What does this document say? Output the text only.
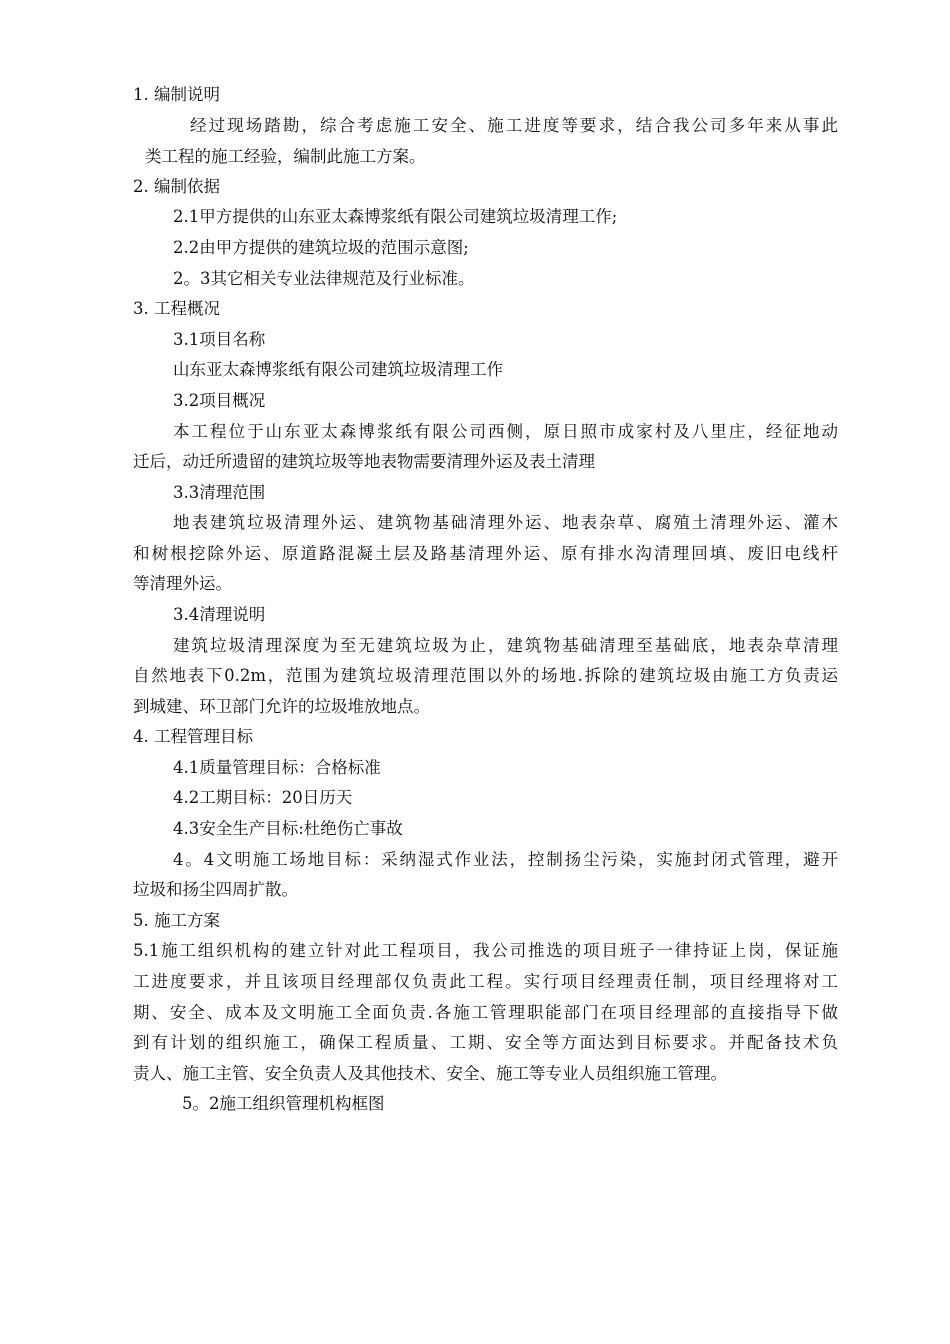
1. 编制说明
经过现场踏勘，综合考虑施工安全、施工进度等要求，结合我公司多年来从事此
类工程的施工经验，编制此施工方案。
2. 编制依据
2.1甲方提供的山东亚太森博浆纸有限公司建筑垃圾清理工作;
2.2由甲方提供的建筑垃圾的范围示意图;
2。3其它相关专业法律规范及行业标准。
3. 工程概况
3.1项目名称
山东亚太森博浆纸有限公司建筑垃圾清理工作
3.2项目概况
本工程位于山东亚太森博浆纸有限公司西侧，原日照市成家村及八里庄，经征地动
迁后，动迁所遗留的建筑垃圾等地表物需要清理外运及表土清理
3.3清理范围
地表建筑垃圾清理外运、建筑物基础清理外运、地表杂草、腐殖土清理外运、灌木
和树根挖除外运、原道路混凝土层及路基清理外运、原有排水沟清理回填、废旧电线杆
等清理外运。
3.4清理说明
建筑垃圾清理深度为至无建筑垃圾为止，建筑物基础清理至基础底，地表杂草清理
自然地表下0.2m，范围为建筑垃圾清理范围以外的场地.拆除的建筑垃圾由施工方负责运
到城建、环卫部门允许的垃圾堆放地点。
4. 工程管理目标
4.1质量管理目标：合格标准
4.2工期目标：20日历天
4.3安全生产目标:杜绝伤亡事故
4。4文明施工场地目标：采纳湿式作业法，控制扬尘污染，实施封闭式管理，避开
垃圾和扬尘四周扩散。
5. 施工方案
5.1施工组织机构的建立针对此工程项目，我公司推选的项目班子一律持证上岗，保证施
工进度要求，并且该项目经理部仅负责此工程。实行项目经理责任制，项目经理将对工
期、安全、成本及文明施工全面负责.各施工管理职能部门在项目经理部的直接指导下做
到有计划的组织施工，确保工程质量、工期、安全等方面达到目标要求。并配备技术负
责人、施工主管、安全负责人及其他技术、安全、施工等专业人员组织施工管理。
5。2施工组织管理机构框图
